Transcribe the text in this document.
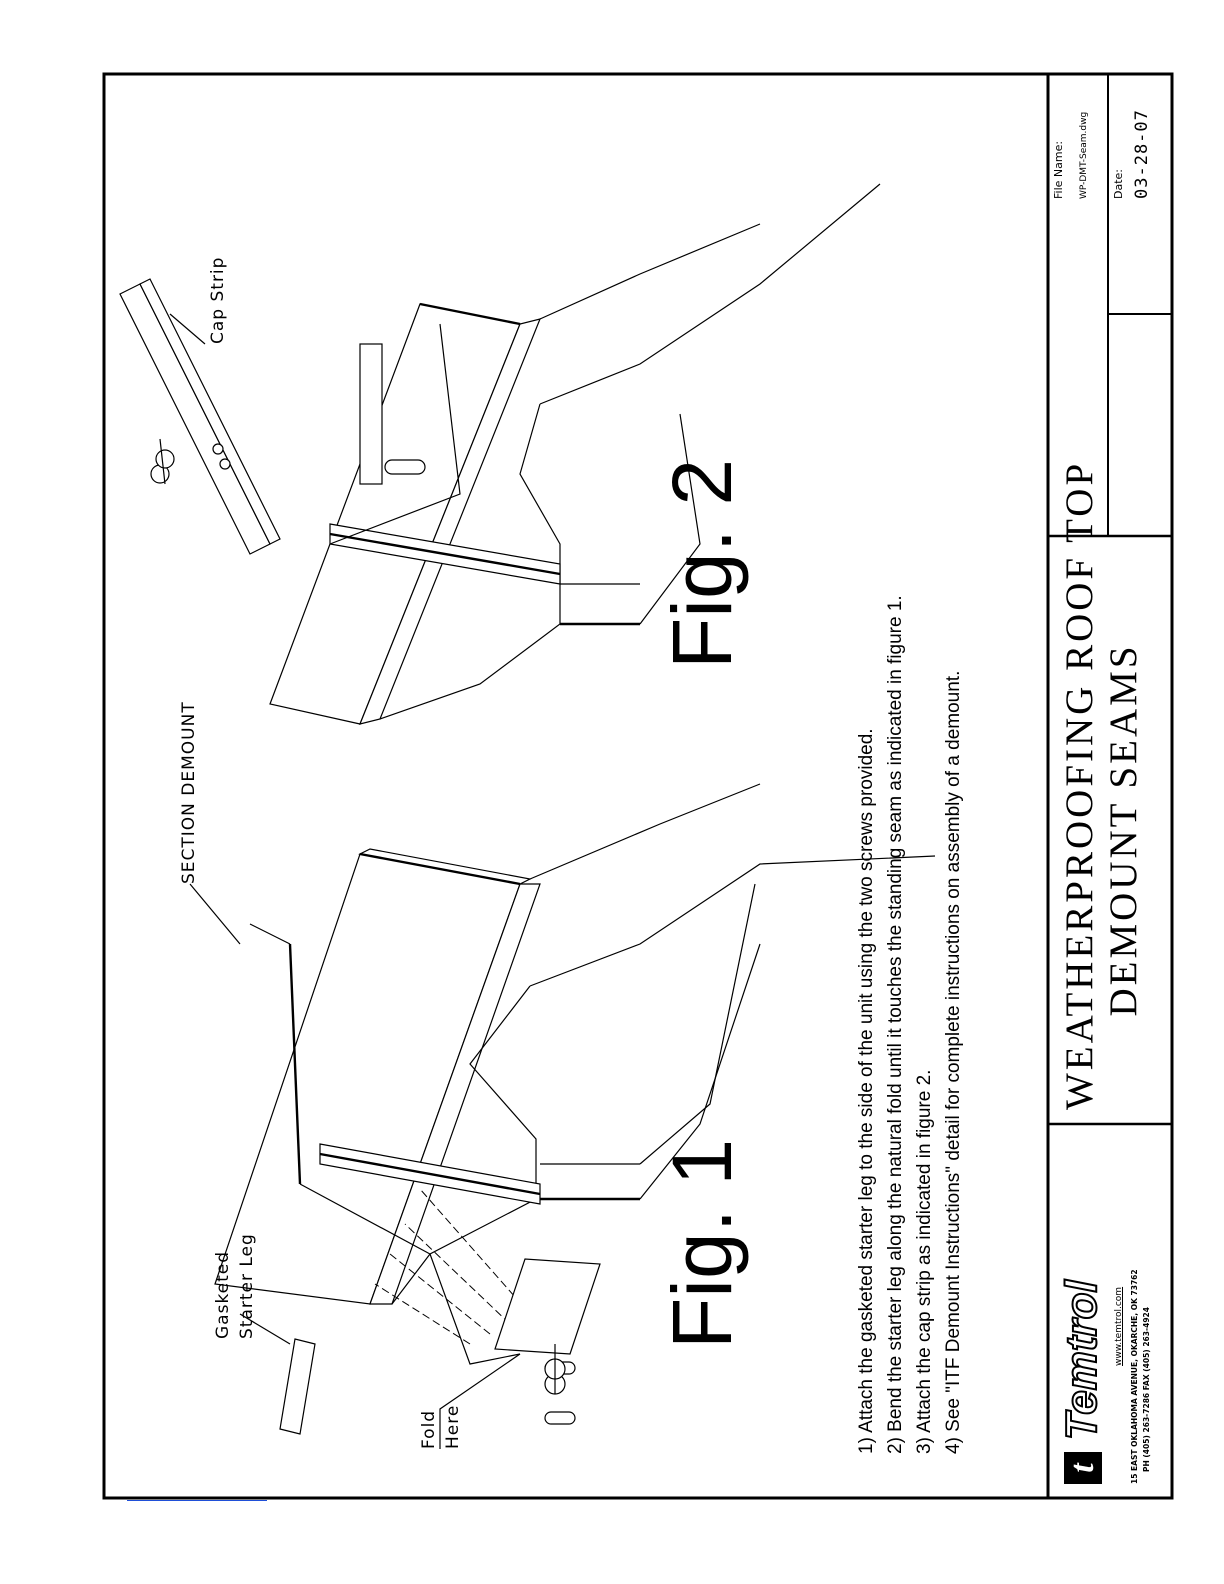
Gasketed Starter Leg
Fold Here
SECTION DEMOUNT
Cap Strip
Fig. 1
Fig. 2
1) Attach the gasketed starter leg to the side of the unit using the two screws provided. 2) Bend the starter leg along the natural fold until it touches the standing seam as indicated in figure 1. 3) Attach the cap strip as indicated in figure 2. 4) See "ITF Demount Instructions" detail for complete instructions on assembly of a demount. WEATHERPROOFING ROOF TOP DEMOUNT SEAMS
t
Temtrol www.temtrol.com 15 EAST OKLAHOMA AVENUE, OKARCHE, OK 73762 PH (405) 263-7286 FAX (405) 263-4924
File Name: WP-DMT-Seam.dwg Date: 03-28-07
